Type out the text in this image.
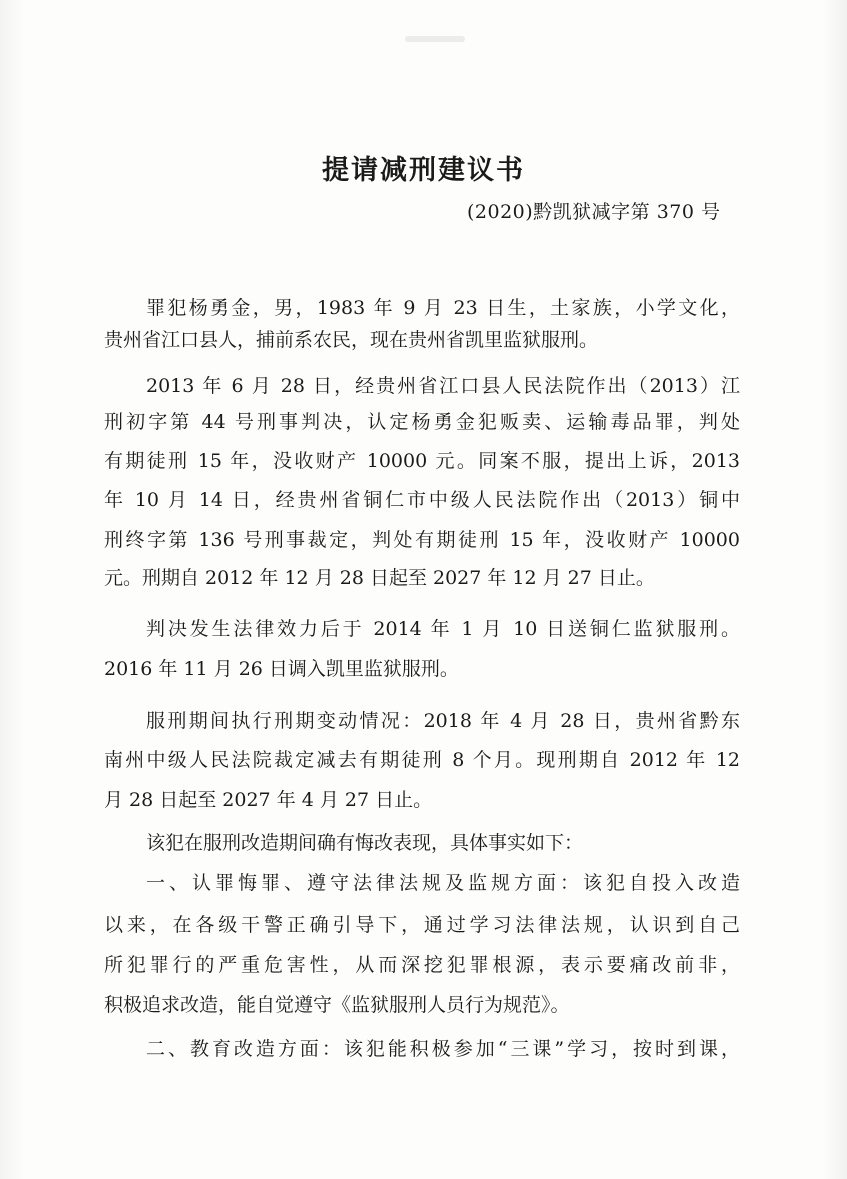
提请减刑建议书
(2020)黔凯狱减字第 370 号
罪犯杨勇金，男，1983 年 9 月 23 日生，土家族，小学文化，
贵州省江口县人，捕前系农民，现在贵州省凯里监狱服刑。
2013 年 6 月 28 日，经贵州省江口县人民法院作出（2013）江
刑初字第 44 号刑事判决，认定杨勇金犯贩卖、运输毒品罪，判处
有期徒刑 15 年，没收财产 10000 元。同案不服，提出上诉，2013
年 10 月 14 日，经贵州省铜仁市中级人民法院作出（2013）铜中
刑终字第 136 号刑事裁定，判处有期徒刑 15 年，没收财产 10000
元。刑期自 2012 年 12 月 28 日起至 2027 年 12 月 27 日止。
判决发生法律效力后于 2014 年 1 月 10 日送铜仁监狱服刑。
2016 年 11 月 26 日调入凯里监狱服刑。
服刑期间执行刑期变动情况：2018 年 4 月 28 日，贵州省黔东
南州中级人民法院裁定减去有期徒刑 8 个月。现刑期自 2012 年 12
月 28 日起至 2027 年 4 月 27 日止。
该犯在服刑改造期间确有悔改表现，具体事实如下：
一、认罪悔罪、遵守法律法规及监规方面：该犯自投入改造
以来，在各级干警正确引导下，通过学习法律法规，认识到自己
所犯罪行的严重危害性，从而深挖犯罪根源，表示要痛改前非，
积极追求改造，能自觉遵守《监狱服刑人员行为规范》。
二、教育改造方面：该犯能积极参加“三课”学习，按时到课，
